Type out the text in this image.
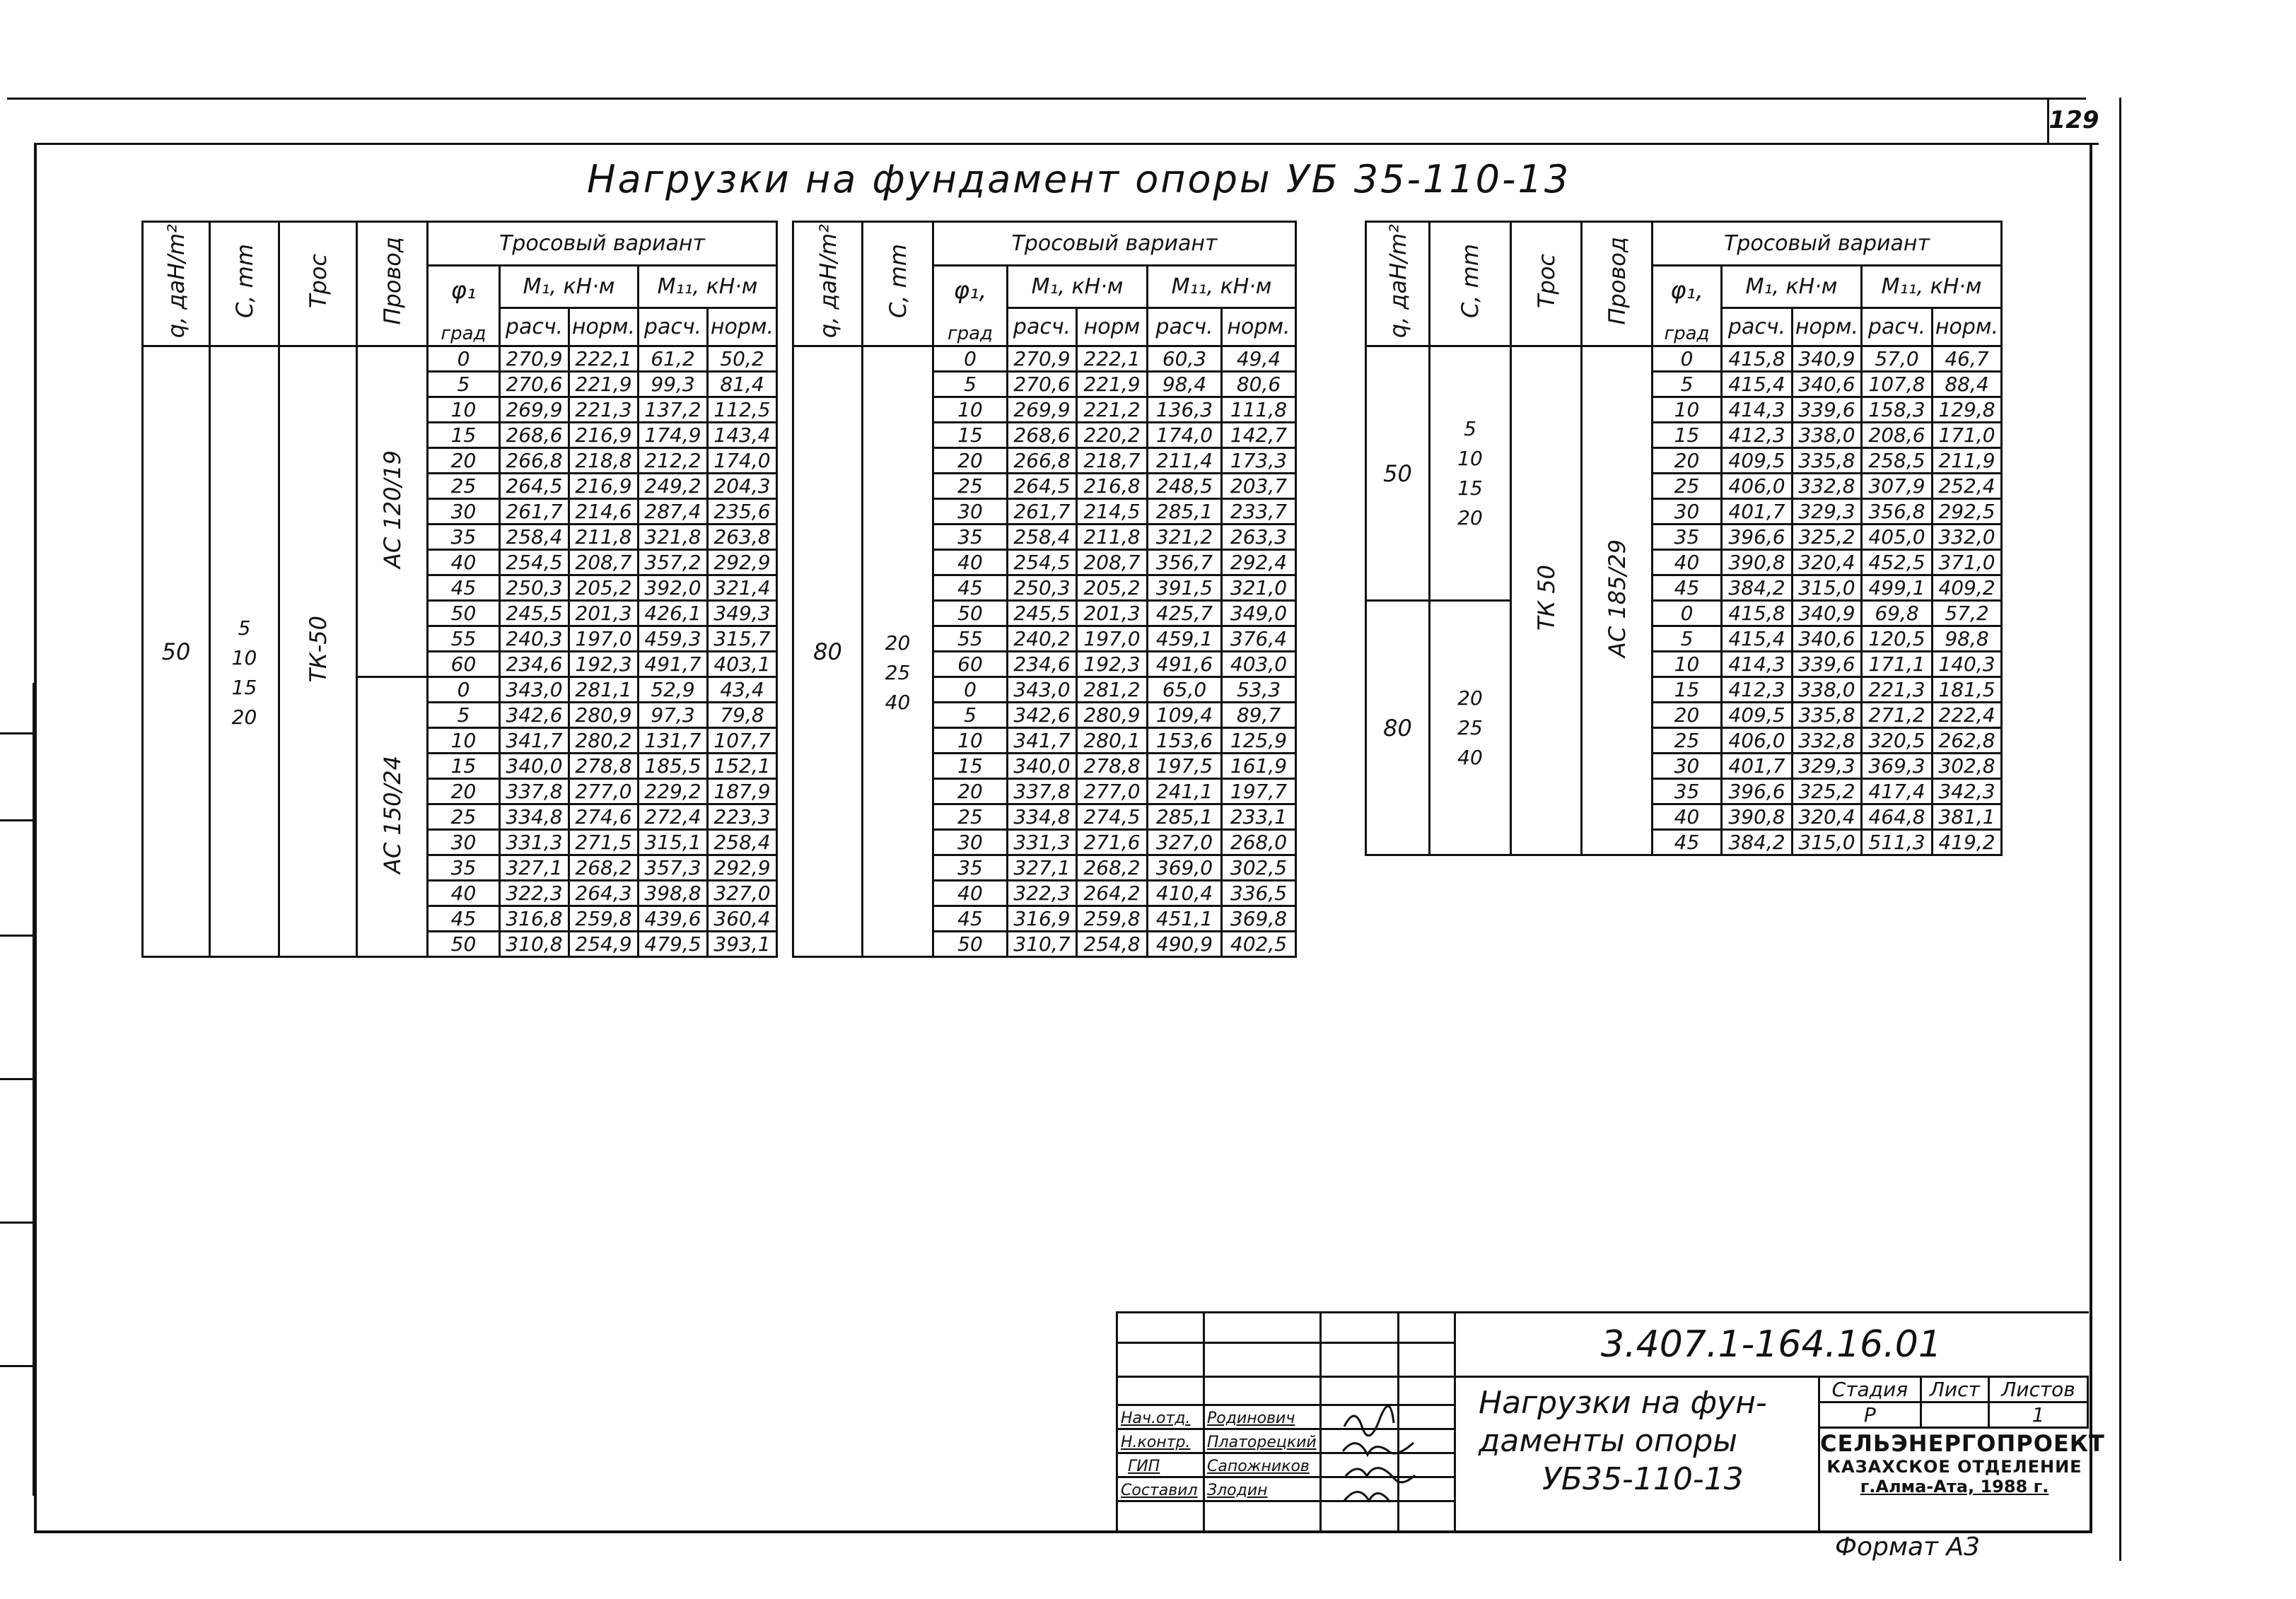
129
Нагрузки на фундамент опоры УБ 35-110-13
q, даН/m²	C, mm	Трос	Провод	Тросовый вариант				
				φ₁
град	M₁, кН·м		M₁₁, кН·м	
					расч.	норм.	расч.	норм.
50	5
10
15
20	ТК-50	АС 120/19	0	270,9	222,1	61,2	50,2
				5	270,6	221,9	99,3	81,4
				10	269,9	221,3	137,2	112,5
				15	268,6	216,9	174,9	143,4
				20	266,8	218,8	212,2	174,0
				25	264,5	216,9	249,2	204,3
				30	261,7	214,6	287,4	235,6
				35	258,4	211,8	321,8	263,8
				40	254,5	208,7	357,2	292,9
				45	250,3	205,2	392,0	321,4
				50	245,5	201,3	426,1	349,3
				55	240,3	197,0	459,3	315,7
				60	234,6	192,3	491,7	403,1
			АС 150/24	0	343,0	281,1	52,9	43,4
				5	342,6	280,9	97,3	79,8
				10	341,7	280,2	131,7	107,7
				15	340,0	278,8	185,5	152,1
				20	337,8	277,0	229,2	187,9
				25	334,8	274,6	272,4	223,3
				30	331,3	271,5	315,1	258,4
				35	327,1	268,2	357,3	292,9
				40	322,3	264,3	398,8	327,0
				45	316,8	259,8	439,6	360,4
				50	310,8	254,9	479,5	393,1
q, даН/m²	C, mm	Тросовый вариант				
		φ₁,
град	M₁, кН·м		M₁₁, кН·м	
			расч.	норм	расч.	норм.
80	20
25
40	0	270,9	222,1	60,3	49,4
		5	270,6	221,9	98,4	80,6
		10	269,9	221,2	136,3	111,8
		15	268,6	220,2	174,0	142,7
		20	266,8	218,7	211,4	173,3
		25	264,5	216,8	248,5	203,7
		30	261,7	214,5	285,1	233,7
		35	258,4	211,8	321,2	263,3
		40	254,5	208,7	356,7	292,4
		45	250,3	205,2	391,5	321,0
		50	245,5	201,3	425,7	349,0
		55	240,2	197,0	459,1	376,4
		60	234,6	192,3	491,6	403,0
		0	343,0	281,2	65,0	53,3
		5	342,6	280,9	109,4	89,7
		10	341,7	280,1	153,6	125,9
		15	340,0	278,8	197,5	161,9
		20	337,8	277,0	241,1	197,7
		25	334,8	274,5	285,1	233,1
		30	331,3	271,6	327,0	268,0
		35	327,1	268,2	369,0	302,5
		40	322,3	264,2	410,4	336,5
		45	316,9	259,8	451,1	369,8
		50	310,7	254,8	490,9	402,5
q, даН/m²	C, mm	Трос	Провод	Тросовый вариант				
				φ₁,
град	M₁, кН·м		M₁₁, кН·м	
					расч.	норм.	расч.	норм.
50	5
10
15
20	ТК 50	АС 185/29	0	415,8	340,9	57,0	46,7
				5	415,4	340,6	107,8	88,4
				10	414,3	339,6	158,3	129,8
				15	412,3	338,0	208,6	171,0
				20	409,5	335,8	258,5	211,9
				25	406,0	332,8	307,9	252,4
				30	401,7	329,3	356,8	292,5
				35	396,6	325,2	405,0	332,0
				40	390,8	320,4	452,5	371,0
				45	384,2	315,0	499,1	409,2
80	20
25
40			0	415,8	340,9	69,8	57,2
				5	415,4	340,6	120,5	98,8
				10	414,3	339,6	171,1	140,3
				15	412,3	338,0	221,3	181,5
				20	409,5	335,8	271,2	222,4
				25	406,0	332,8	320,5	262,8
				30	401,7	329,3	369,3	302,8
				35	396,6	325,2	417,4	342,3
				40	390,8	320,4	464,8	381,1
				45	384,2	315,0	511,3	419,2
3.407.1-164.16.01
Нач.отд. Родинович
Н.контр. Платорецкий
ГИП	Сапожников
Составил Злодин
Нагрузки на фун-
даменты опоры
УБ35-110-13
Стадия	Лист	Листов
Р		1
СЕЛЬЭНЕРГОПРОЕКТ
КАЗАХСКОЕ ОТДЕЛЕНИЕ
г.Алма-Ата, 1988 г.
Формат А3
